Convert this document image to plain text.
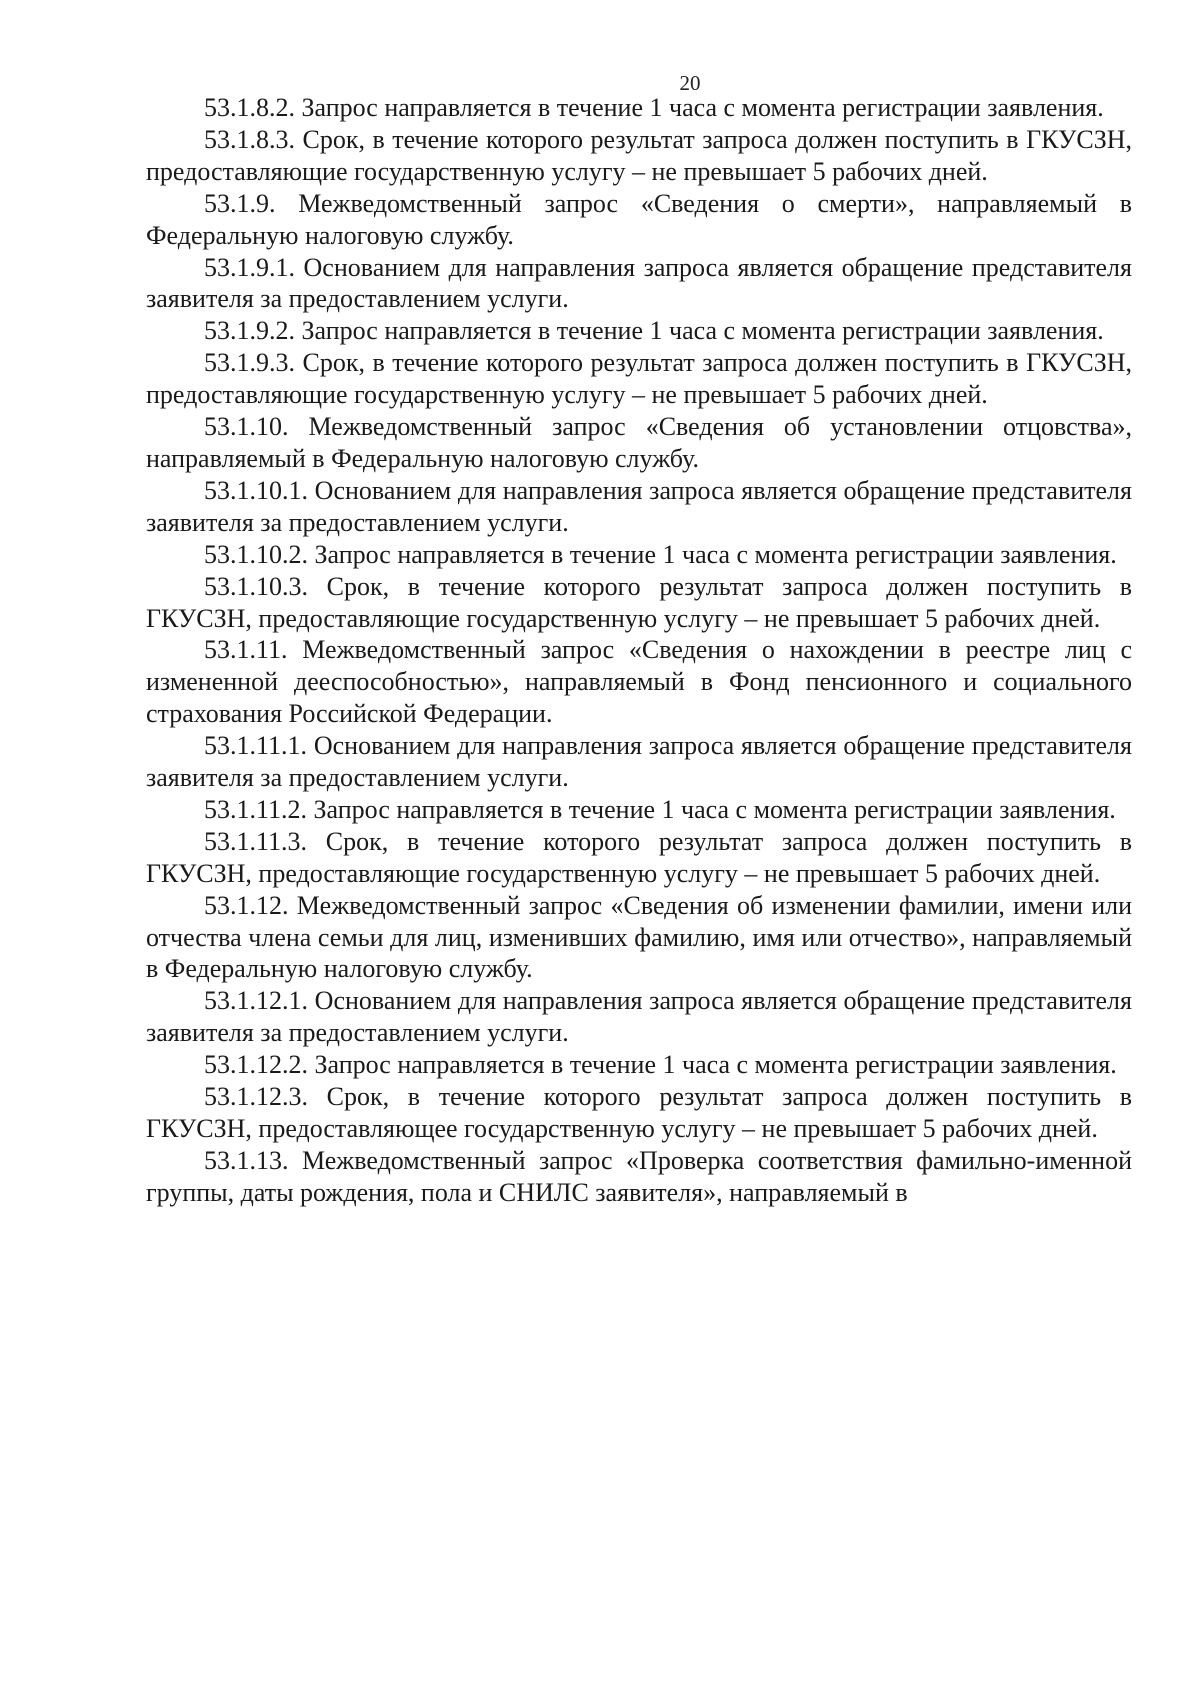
20

53.1.8.2. Запрос направляется в течение 1 часа с момента регистрации заявления.

53.1.8.3. Срок, в течение которого результат запроса должен поступить в ГКУСЗН, предоставляющие государственную услугу – не превышает 5 рабочих дней.

53.1.9. Межведомственный запрос «Сведения о смерти», направляемый в Федеральную налоговую службу.

53.1.9.1. Основанием для направления запроса является обращение представителя заявителя за предоставлением услуги.

53.1.9.2. Запрос направляется в течение 1 часа с момента регистрации заявления.

53.1.9.3. Срок, в течение которого результат запроса должен поступить в ГКУСЗН, предоставляющие государственную услугу – не превышает 5 рабочих дней.

53.1.10. Межведомственный запрос «Сведения об установлении отцовства», направляемый в Федеральную налоговую службу.

53.1.10.1. Основанием для направления запроса является обращение представителя заявителя за предоставлением услуги.

53.1.10.2. Запрос направляется в течение 1 часа с момента регистрации заявления.

53.1.10.3. Срок, в течение которого результат запроса должен поступить в ГКУСЗН, предоставляющие государственную услугу – не превышает 5 рабочих дней.

53.1.11. Межведомственный запрос «Сведения о нахождении в реестре лиц с измененной дееспособностью», направляемый в Фонд пенсионного и социального страхования Российской Федерации.

53.1.11.1. Основанием для направления запроса является обращение представителя заявителя за предоставлением услуги.

53.1.11.2. Запрос направляется в течение 1 часа с момента регистрации заявления.

53.1.11.3. Срок, в течение которого результат запроса должен поступить в ГКУСЗН, предоставляющие государственную услугу – не превышает 5 рабочих дней.

53.1.12. Межведомственный запрос «Сведения об изменении фамилии, имени или отчества члена семьи для лиц, изменивших фамилию, имя или отчество», направляемый в Федеральную налоговую службу.

53.1.12.1. Основанием для направления запроса является обращение представителя заявителя за предоставлением услуги.

53.1.12.2. Запрос направляется в течение 1 часа с момента регистрации заявления.

53.1.12.3. Срок, в течение которого результат запроса должен поступить в ГКУСЗН, предоставляющее государственную услугу – не превышает 5 рабочих дней.

53.1.13. Межведомственный запрос «Проверка соответствия фамильно-именной группы, даты рождения, пола и СНИЛС заявителя», направляемый в
